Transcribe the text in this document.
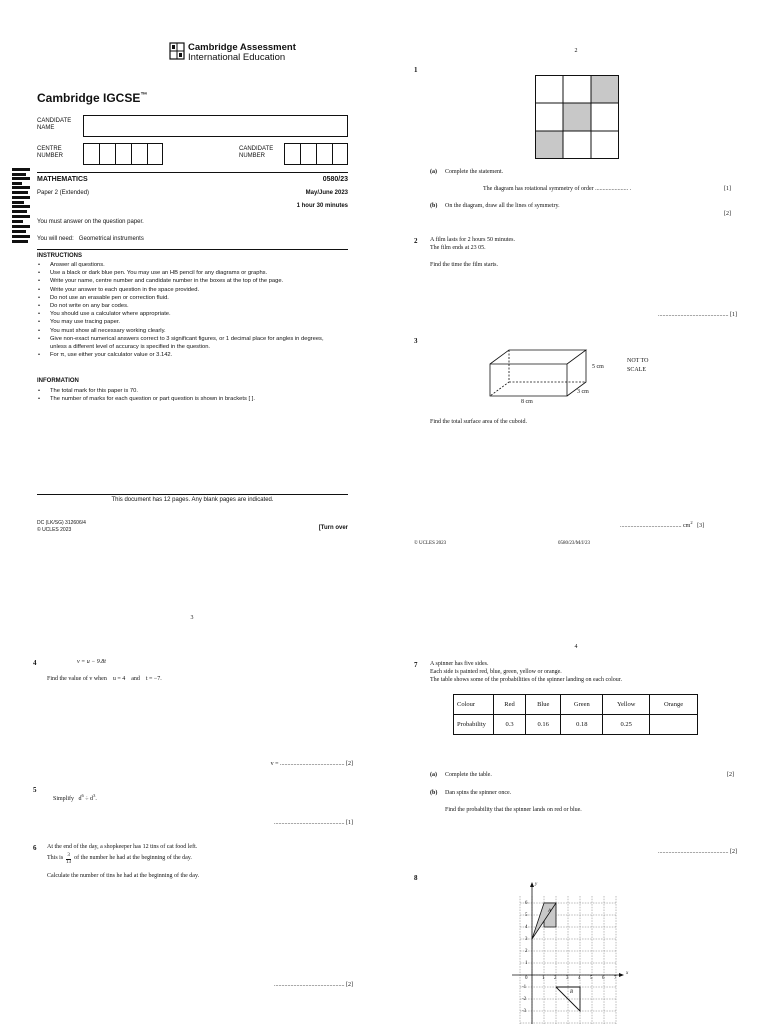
Cambridge Assessment
International Education
Cambridge IGCSE™
CANDIDATE NAME
CENTRE NUMBER
CANDIDATE NUMBER
MATHEMATICS	0580/23
Paper 2 (Extended)	May/June 2023
1 hour 30 minutes
You must answer on the question paper.
You will need:   Geometrical instruments
INSTRUCTIONS
• Answer all questions.
• Use a black or dark blue pen. You may use an HB pencil for any diagrams or graphs.
• Write your name, centre number and candidate number in the boxes at the top of the page.
• Write your answer to each question in the space provided.
• Do not use an erasable pen or correction fluid.
• Do not write on any bar codes.
• You should use a calculator where appropriate.
• You may use tracing paper.
• You must show all necessary working clearly.
• Give non-exact numerical answers correct to 3 significant figures, or 1 decimal place for angles in degrees, unless a different level of accuracy is specified in the question.
• For π, use either your calculator value or 3.142.
INFORMATION
• The total mark for this paper is 70.
• The number of marks for each question or part question is shown in brackets [ ].
This document has 12 pages. Any blank pages are indicated.
DC (LK/SG) 312606/4
© UCLES 2023	[Turn over
2
1
(a) Complete the statement.
The diagram has rotational symmetry of order ...................... .	[1]
(b) On the diagram, draw all the lines of symmetry.
[2]
2 A film lasts for 2 hours 50 minutes.
The film ends at 23 05.
Find the time the film starts.
............................................... [1]
3
5 cm
3 cm
8 cm
NOT TO
SCALE
Find the total surface area of the cuboid.
......................................... $cm^2$ [3]
© UCLES 2023	0580/23/M/J/23
3
4	v = u − 9.8t
Find the value of v when    u = 4    and    t = −7.
v = ........................................... [2]
5

Simplify   $d^6 \div d^3$.

............................................... [1]
6 At the end of the day, a shopkeeper has 12 tins of cat food left.
This is 3
13
of the number he had at the beginning of the day.
Calculate the number of tins he had at the beginning of the day.
............................................... [2]
4
7 A spinner has five sides.
Each side is painted red, blue, green, yellow or orange.
The table shows some of the probabilities of the spinner landing on each colour.
Colour	Red	Blue	Green	Yellow	Orange
Probability	0.3	0.16	0.18	0.25	
(a) Complete the table.	[2]
(b) Dan spins the spinner once.
Find the probability that the spinner lands on red or blue.
............................................... [2]
8
y
x
A
B
1 2 3 4 5 6 7
6
5
4
3
2
1
0
-1
-2
-3
